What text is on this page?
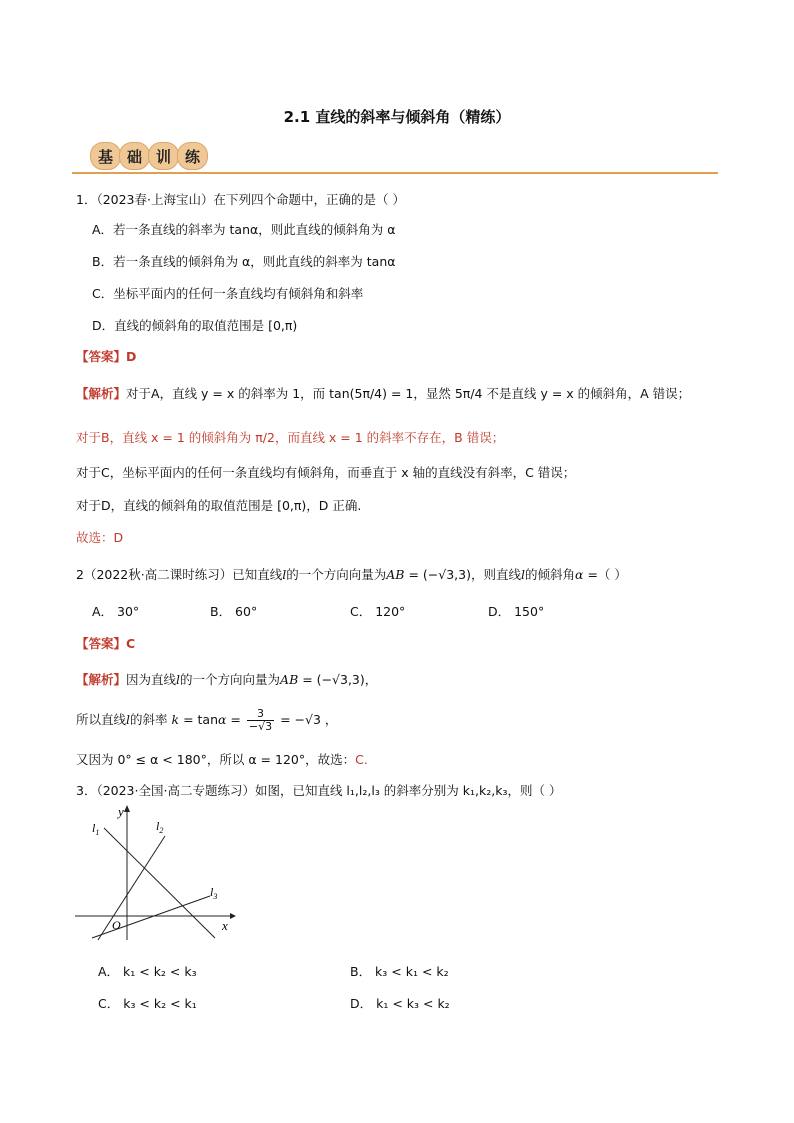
2.1 直线的斜率与倾斜角（精练）
基 础 训 练
1．（2023春·上海宝山）在下列四个命题中，正确的是（ ）
A．若一条直线的斜率为 tanα，则此直线的倾斜角为 α
B．若一条直线的倾斜角为 α，则此直线的斜率为 tanα
C．坐标平面内的任何一条直线均有倾斜角和斜率
D．直线的倾斜角的取值范围是 [0,π)
【答案】D
【解析】对于A，直线 y = x 的斜率为 1，而 tan(5π/4) = 1，显然 5π/4 不是直线 y = x 的倾斜角，A 错误；
对于B，直线 x = 1 的倾斜角为 π/2，而直线 x = 1 的斜率不存在，B 错误；
对于C，坐标平面内的任何一条直线均有倾斜角，而垂直于 x 轴的直线没有斜率，C 错误；
对于D，直线的倾斜角的取值范围是 [0,π)，D 正确.
故选：D
2（2022秋·高二课时练习）已知直线l的一个方向向量为AB = (−√3,3)，则直线l的倾斜角α =（ ）
A． 30°	B． 60°	C． 120°	D． 150°
【答案】C
【解析】因为直线l的一个方向向量为AB = (−√3,3)，
所以直线l的斜率 $k = \tan\alpha = \frac{3}{-√3} = -√3$ ，
又因为 0° ≤ α < 180°，所以 α = 120°，故选：C.
3．（2023·全国·高二专题练习）如图，已知直线 l₁,l₂,l₃ 的斜率分别为 k₁,k₂,k₃，则（ ）
y
x
O
$l_1$	$l_2$
$l_3$
A． k₁ < k₂ < k₃	B． k₃ < k₁ < k₂
C． k₃ < k₂ < k₁	D． k₁ < k₃ < k₂
